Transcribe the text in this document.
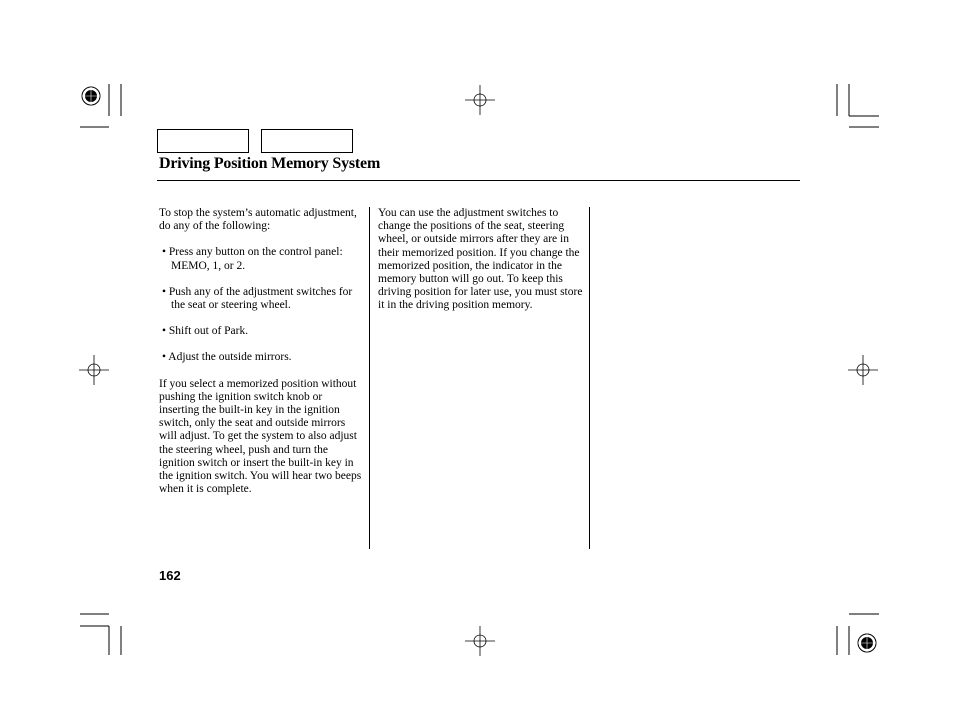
Driving Position Memory System

To stop the system’s automatic adjustment, do any of the following:

• Press any button on the control panel: MEMO, 1, or 2.

• Push any of the adjustment switches for the seat or steering wheel.

• Shift out of Park.

• Adjust the outside mirrors.

If you select a memorized position without pushing the ignition switch knob or inserting the built-in key in the ignition switch, only the seat and outside mirrors will adjust. To get the system to also adjust the steering wheel, push and turn the ignition switch or insert the built-in key in the ignition switch. You will hear two beeps when it is complete.

You can use the adjustment switches to change the positions of the seat, steering wheel, or outside mirrors after they are in their memorized position. If you change the memorized position, the indicator in the memory button will go out. To keep this driving position for later use, you must store it in the driving position memory.

162
